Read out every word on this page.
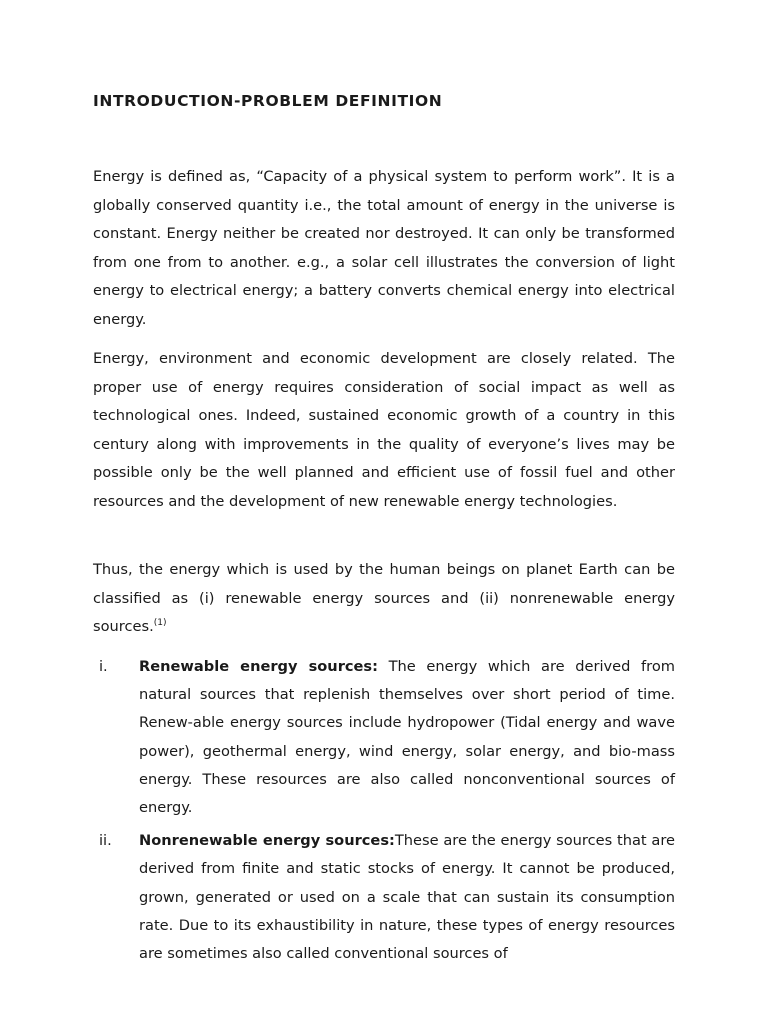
INTRODUCTION-PROBLEM DEFINITION

Energy is defined as, “Capacity of a physical system to perform work”. It is a globally conserved quantity i.e., the total amount of energy in the universe is constant. Energy neither be created nor destroyed. It can only be transformed from one from to another. e.g., a solar cell illustrates the conversion of light energy to electrical energy; a battery converts chemical energy into electrical energy.

Energy, environment and economic development are closely related. The proper use of energy requires consideration of social impact as well as technological ones. Indeed, sustained economic growth of a country in this century along with improvements in the quality of everyone’s lives may be possible only be the well planned and efficient use of fossil fuel and other resources and the development of new renewable energy technologies.

Thus, the energy which is used by the human beings on planet Earth can be classified as (i) renewable energy sources and (ii) nonrenewable energy sources.$^{(1)}$

i. Renewable energy sources: The energy which are derived from natural sources that replenish themselves over short period of time. Renew-able energy sources include hydropower (Tidal energy and wave power), geothermal energy, wind energy, solar energy, and bio-mass energy. These resources are also called nonconventional sources of energy.
ii. Nonrenewable energy sources:These are the energy sources that are derived from finite and static stocks of energy. It cannot be produced, grown, generated or used on a scale that can sustain its consumption rate. Due to its exhaustibility in nature, these types of energy resources are sometimes also called conventional sources of
